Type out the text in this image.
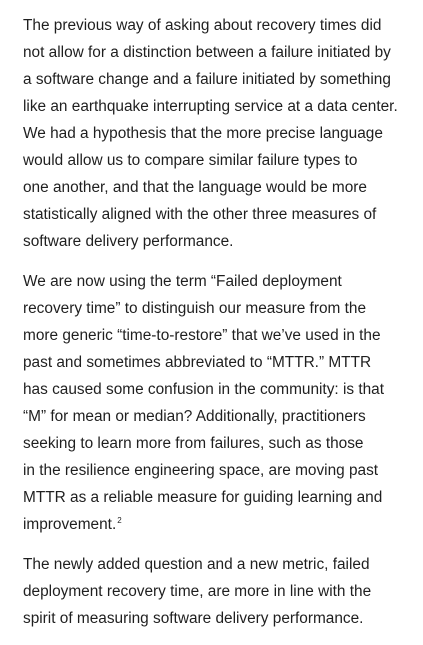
The previous way of asking about recovery times did
not allow for a distinction between a failure initiated by
a software change and a failure initiated by something
like an earthquake interrupting service at a data center.
We had a hypothesis that the more precise language
would allow us to compare similar failure types to
one another, and that the language would be more
statistically aligned with the other three measures of
software delivery performance.

We are now using the term “Failed deployment
recovery time” to distinguish our measure from the
more generic “time-to-restore” that we’ve used in the
past and sometimes abbreviated to “MTTR.” MTTR
has caused some confusion in the community: is that
“M” for mean or median? Additionally, practitioners
seeking to learn more from failures, such as those
in the resilience engineering space, are moving past
MTTR as a reliable measure for guiding learning and
improvement.$^2$

The newly added question and a new metric, failed
deployment recovery time, are more in line with the
spirit of measuring software delivery performance.
